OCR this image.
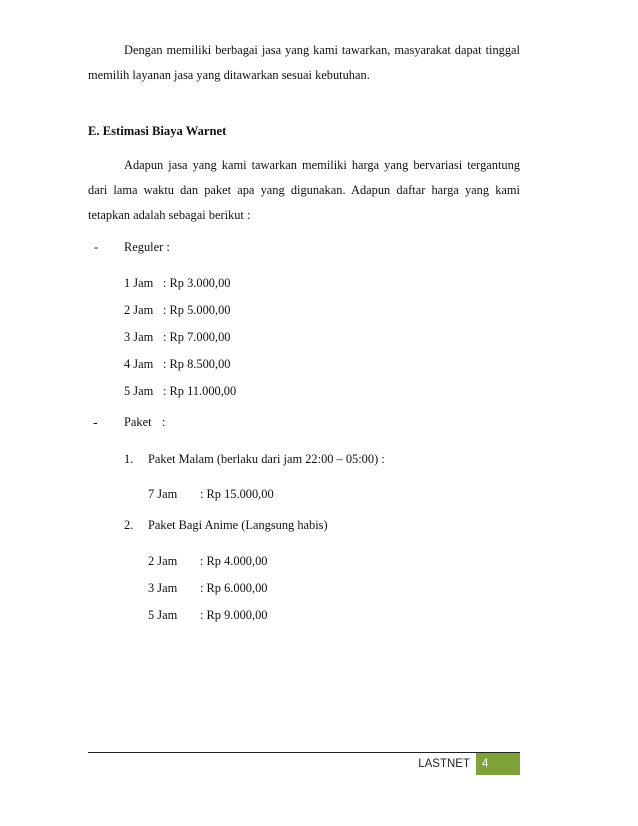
Dengan memiliki berbagai jasa yang kami tawarkan, masyarakat dapat tinggal
memilih layanan jasa yang ditawarkan sesuai kebutuhan.
E. Estimasi Biaya Warnet
Adapun jasa yang kami tawarkan memiliki harga yang bervariasi tergantung
dari lama waktu dan paket apa yang digunakan. Adapun daftar harga yang kami
tetapkan adalah sebagai berikut :
- Reguler :
1 Jam : Rp 3.000,00
2 Jam : Rp 5.000,00
3 Jam : Rp 7.000,00
4 Jam : Rp 8.500,00
5 Jam : Rp 11.000,00
- Paket :
1. Paket Malam (berlaku dari jam 22:00 – 05:00) :
7 Jam : Rp 15.000,00
2. Paket Bagi Anime (Langsung habis)
2 Jam : Rp 4.000,00
3 Jam : Rp 6.000,00
5 Jam : Rp 9.000,00
LASTNET	4
